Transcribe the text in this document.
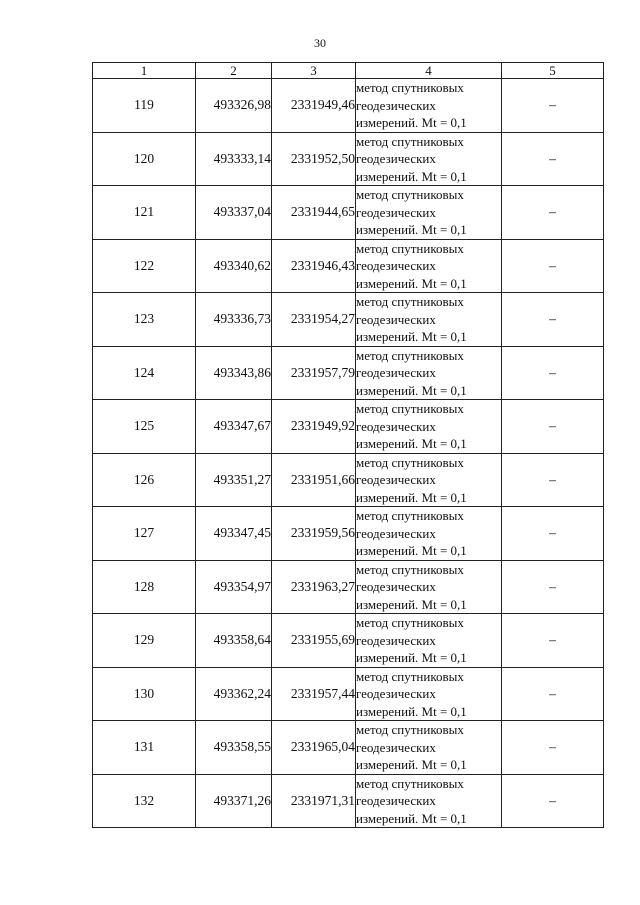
30
1	2	3	4	5
119	493326,98	2331949,46	метод спутниковых
геодезических
измерений. Mt = 0,1	–
120	493333,14	2331952,50	метод спутниковых
геодезических
измерений. Mt = 0,1	–
121	493337,04	2331944,65	метод спутниковых
геодезических
измерений. Mt = 0,1	–
122	493340,62	2331946,43	метод спутниковых
геодезических
измерений. Mt = 0,1	–
123	493336,73	2331954,27	метод спутниковых
геодезических
измерений. Mt = 0,1	–
124	493343,86	2331957,79	метод спутниковых
геодезических
измерений. Mt = 0,1	–
125	493347,67	2331949,92	метод спутниковых
геодезических
измерений. Mt = 0,1	–
126	493351,27	2331951,66	метод спутниковых
геодезических
измерений. Mt = 0,1	–
127	493347,45	2331959,56	метод спутниковых
геодезических
измерений. Mt = 0,1	–
128	493354,97	2331963,27	метод спутниковых
геодезических
измерений. Mt = 0,1	–
129	493358,64	2331955,69	метод спутниковых
геодезических
измерений. Mt = 0,1	–
130	493362,24	2331957,44	метод спутниковых
геодезических
измерений. Mt = 0,1	–
131	493358,55	2331965,04	метод спутниковых
геодезических
измерений. Mt = 0,1	–
132	493371,26	2331971,31	метод спутниковых
геодезических
измерений. Mt = 0,1	–
